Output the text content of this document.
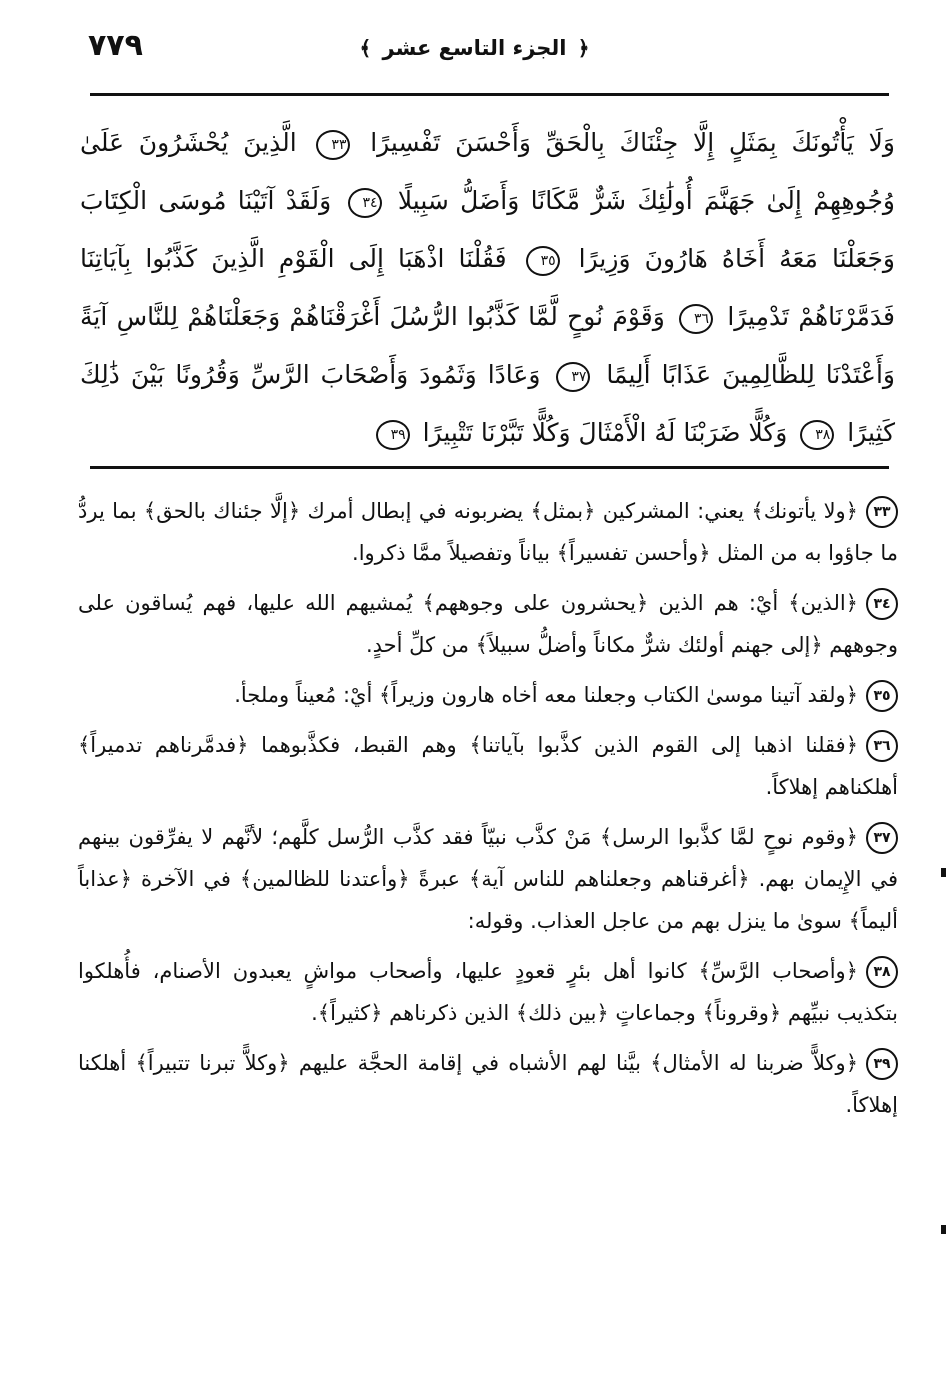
٧٧٩	﴿ الجزء التاسع عشر ﴾
وَلَا يَأْتُونَكَ بِمَثَلٍ إِلَّا جِئْنَاكَ بِالْحَقِّ وَأَحْسَنَ تَفْسِيرًا ٣٣ الَّذِينَ يُحْشَرُونَ عَلَىٰ وُجُوهِهِمْ إِلَىٰ جَهَنَّمَ أُولَٰئِكَ شَرٌّ مَّكَانًا وَأَضَلُّ سَبِيلًا ٣٤ وَلَقَدْ آتَيْنَا مُوسَى الْكِتَابَ وَجَعَلْنَا مَعَهُ أَخَاهُ هَارُونَ وَزِيرًا ٣٥ فَقُلْنَا اذْهَبَا إِلَى الْقَوْمِ الَّذِينَ كَذَّبُوا بِآيَاتِنَا فَدَمَّرْنَاهُمْ تَدْمِيرًا ٣٦ وَقَوْمَ نُوحٍ لَّمَّا كَذَّبُوا الرُّسُلَ أَغْرَقْنَاهُمْ وَجَعَلْنَاهُمْ لِلنَّاسِ آيَةً وَأَعْتَدْنَا لِلظَّالِمِينَ عَذَابًا أَلِيمًا ٣٧ وَعَادًا وَثَمُودَ وَأَصْحَابَ الرَّسِّ وَقُرُونًا بَيْنَ ذَٰلِكَ كَثِيرًا ٣٨ وَكُلًّا ضَرَبْنَا لَهُ الْأَمْثَالَ وَكُلًّا تَبَّرْنَا تَتْبِيرًا ٣٩

٣٣﴿ولا يأتونك﴾ يعني: المشركين ﴿بمثل﴾ يضربونه في إبطال أمرك ﴿إلَّا جئناك بالحق﴾ بما يردُّ ما جاؤوا به من المثل ﴿وأحسن تفسيراً﴾ بياناً وتفصيلاً ممَّا ذكروا.

٣٤﴿الذين﴾ أيْ: هم الذين ﴿يحشرون على وجوههم﴾ يُمشيهم الله عليها، فهم يُساقون على وجوههم ﴿إلى جهنم أولئك شرٌّ مكاناً وأضلُّ سبيلاً﴾ من كلِّ أحدٍ.

٣٥﴿ولقد آتينا موسىٰ الكتاب وجعلنا معه أخاه هارون وزيراً﴾ أيْ: مُعيناً وملجأ.

٣٦﴿فقلنا اذهبا إلى القوم الذين كذَّبوا بآياتنا﴾ وهم القبط، فكذَّبوهما ﴿فدمَّرناهم تدميراً﴾ أهلكناهم إهلاكاً.

٣٧﴿وقوم نوحٍ لمَّا كذَّبوا الرسل﴾ مَنْ كذَّب نبيّاً فقد كذَّب الرُّسل كلَّهم؛ لأنَّهم لا يفرِّقون بينهم في الإِيمان بهم. ﴿أغرقناهم وجعلناهم للناس آية﴾ عبرةً ﴿وأعتدنا للظالمين﴾ في الآخرة ﴿عذاباً أليماً﴾ سوىٰ ما ينزل بهم من عاجل العذاب. وقوله:

٣٨﴿وأصحاب الرَّسِّ﴾ كانوا أهل بئرٍ قعودٍ عليها، وأصحاب مواشٍ يعبدون الأصنام، فأُهلكوا بتكذيب نبيِّهم ﴿وقروناً﴾ وجماعاتٍ ﴿بين ذلك﴾ الذين ذكرناهم ﴿كثيراً﴾.

٣٩﴿وكلاًّ ضربنا له الأمثال﴾ بيَّنا لهم الأشباه في إقامة الحجَّة عليهم ﴿وكلاًّ تبرنا تتبيراً﴾ أهلكنا إهلاكاً.
